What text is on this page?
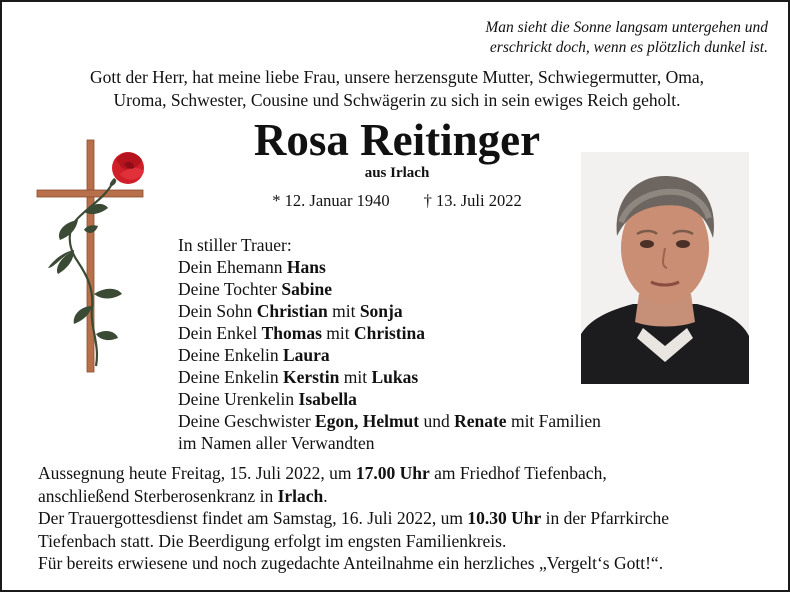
Man sieht die Sonne langsam untergehen und
erschrickt doch, wenn es plötzlich dunkel ist.
Gott der Herr, hat meine liebe Frau, unsere herzensgute Mutter, Schwiegermutter, Oma,
Uroma, Schwester, Cousine und Schwägerin zu sich in sein ewiges Reich geholt.
Rosa Reitinger
aus Irlach
* 12. Januar 1940 † 13. Juli 2022
In stiller Trauer:
Dein Ehemann Hans
Deine Tochter Sabine
Dein Sohn Christian mit Sonja
Dein Enkel Thomas mit Christina
Deine Enkelin Laura
Deine Enkelin Kerstin mit Lukas
Deine Urenkelin Isabella
Deine Geschwister Egon, Helmut und Renate mit Familien
im Namen aller Verwandten
Aussegnung heute Freitag, 15. Juli 2022, um 17.00 Uhr am Friedhof Tiefenbach,
anschließend Sterberosenkranz in Irlach.
Der Trauergottesdienst findet am Samstag, 16. Juli 2022, um 10.30 Uhr in der Pfarrkirche
Tiefenbach statt. Die Beerdigung erfolgt im engsten Familienkreis.
Für bereits erwiesene und noch zugedachte Anteilnahme ein herzliches „Vergelt‘s Gott!“.
